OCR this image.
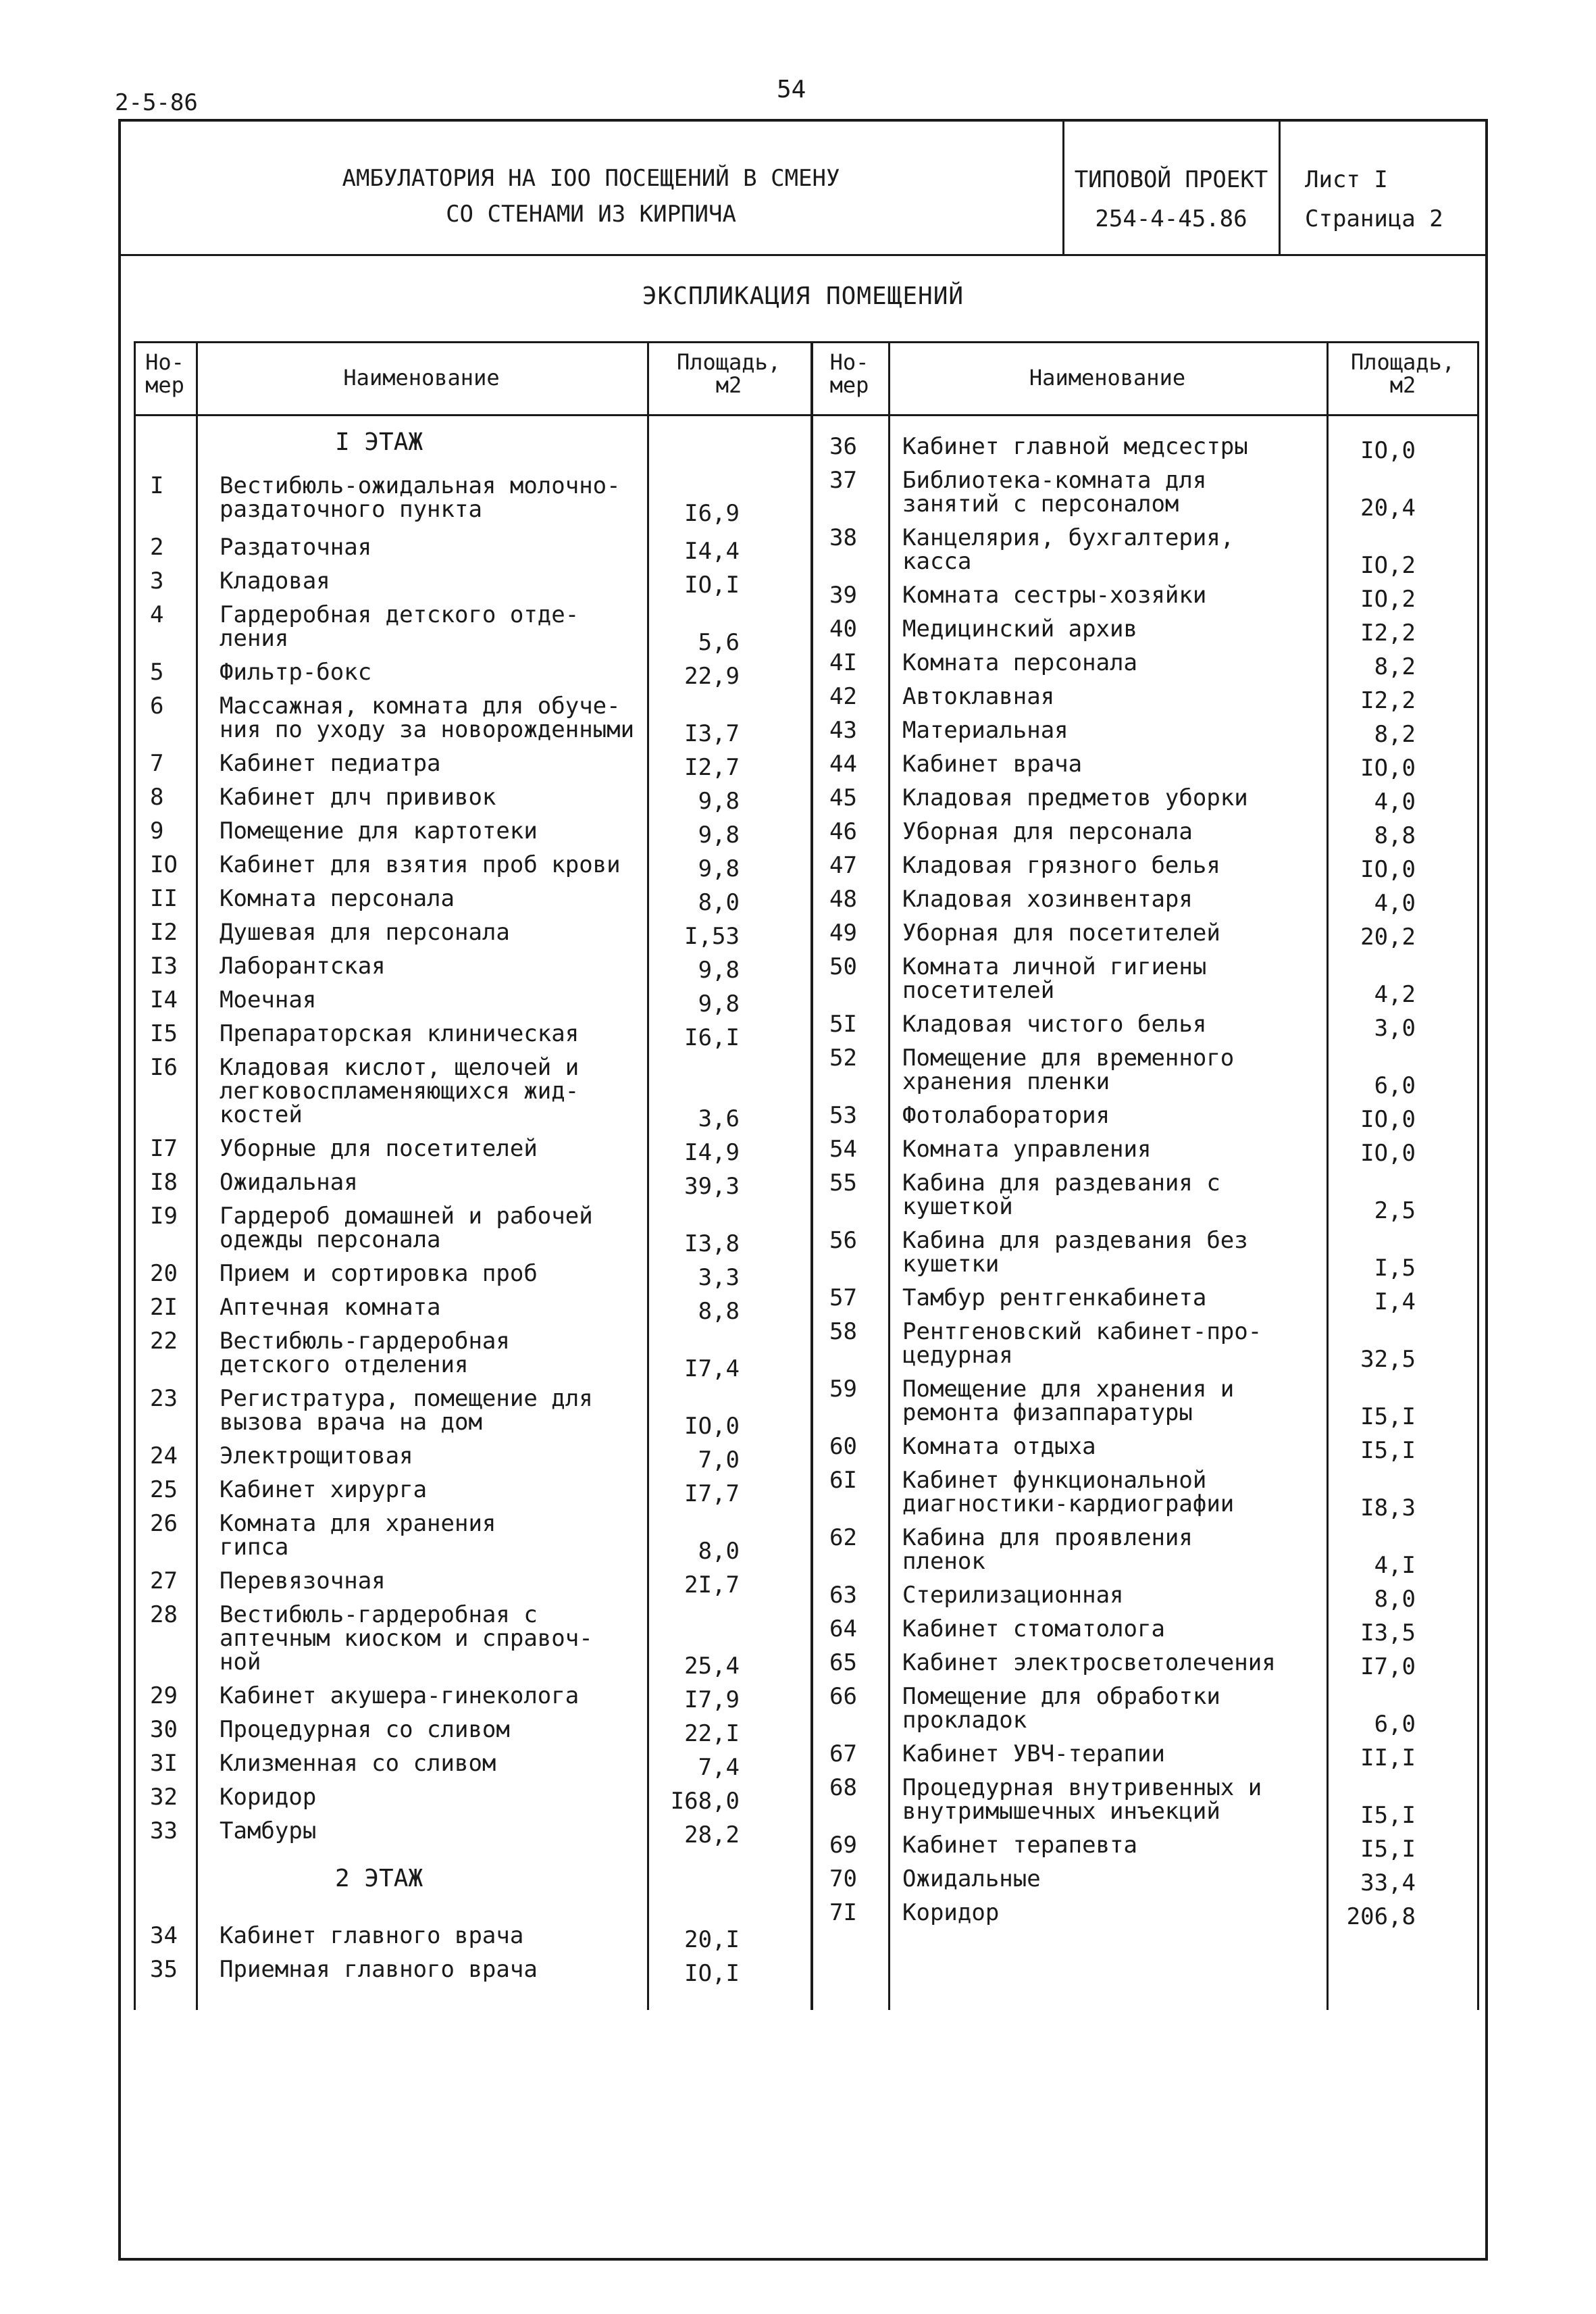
2-5-86	54
АМБУЛАТОРИЯ НА IOO ПОСЕЩЕНИЙ В СМЕНУ
СО СТЕНАМИ ИЗ КИРПИЧА
ТИПОВОЙ ПРОЕКТ
254-4-45.86
Лист I
Страница 2
ЭКСПЛИКАЦИЯ ПОМЕЩЕНИЙ
Но-
мер	Наименование
Площадь,
м2
Но-
мер	Наименование
Площадь,
м2
I ЭТАЖ
2 ЭТАЖ
I Вестибюль-ожидальная молочно-
раздаточного пункта	I6,9
2 Раздаточная	I4,4
3 Кладовая	IO,I
4 Гардеробная детского отде-
ления	5,6
5 Фильтр-бокс	22,9
6 Массажная, комната для обуче-
ния по уходу за новорожденными	I3,7
7 Кабинет педиатра	I2,7
8 Кабинет длч прививок	9,8
9 Помещение для картотеки	9,8
IO Кабинет для взятия проб крови	9,8
II Комната персонала	8,0
I2 Душевая для персонала	I,53
I3 Лаборантская	9,8
I4 Моечная	9,8
I5 Препараторская клиническая	I6,I
I6 Кладовая кислот, щелочей и
легковоспламеняющихся жид-
костей	3,6
I7 Уборные для посетителей	I4,9
I8 Ожидальная	39,3
I9 Гардероб домашней и рабочей
одежды персонала	I3,8
20 Прием и сортировка проб	3,3
2I Аптечная комната	8,8
22 Вестибюль-гардеробная
детского отделения	I7,4
23 Регистратура, помещение для
вызова врача на дом	IO,0
24 Электрощитовая	7,0
25 Кабинет хирурга	I7,7
26 Комната для хранения
гипса	8,0
27 Перевязочная	2I,7
28 Вестибюль-гардеробная с
аптечным киоском и справоч-
ной	25,4
29 Кабинет акушера-гинеколога	I7,9
30 Процедурная со сливом	22,I
3I Клизменная со сливом	7,4
32 Коридор	I68,0
33 Тамбуры	28,2
34 Кабинет главного врача	20,I
35 Приемная главного врача	IO,I
36 Кабинет главной медсестры	IO,0
37 Библиотека-комната для
занятий с персоналом	20,4
38 Канцелярия, бухгалтерия,
касса	IO,2
39 Комната сестры-хозяйки	IO,2
40 Медицинский архив	I2,2
4I Комната персонала	8,2
42 Автоклавная	I2,2
43 Материальная	8,2
44 Кабинет врача	IO,0
45 Кладовая предметов уборки	4,0
46 Уборная для персонала	8,8
47 Кладовая грязного белья	IO,0
48 Кладовая хозинвентаря	4,0
49 Уборная для посетителей	20,2
50 Комната личной гигиены
посетителей	4,2
5I Кладовая чистого белья	3,0
52 Помещение для временного
хранения пленки	6,0
53 Фотолаборатория	IO,0
54 Комната управления	IO,0
55 Кабина для раздевания с
кушеткой	2,5
56 Кабина для раздевания без
кушетки	I,5
57 Тамбур рентгенкабинета	I,4
58 Рентгеновский кабинет-про-
цедурная	32,5
59 Помещение для хранения и
ремонта физаппаратуры	I5,I
60 Комната отдыха	I5,I
6I Кабинет функциональной
диагностики-кардиографии	I8,3
62 Кабина для проявления
пленок	4,I
63 Стерилизационная	8,0
64 Кабинет стоматолога	I3,5
65 Кабинет электросветолечения	I7,0
66 Помещение для обработки
прокладок	6,0
67 Кабинет УВЧ-терапии	II,I
68 Процедурная внутривенных и
внутримышечных инъекций	I5,I
69 Кабинет терапевта	I5,I
70 Ожидальные	33,4
7I Коридор	206,8
